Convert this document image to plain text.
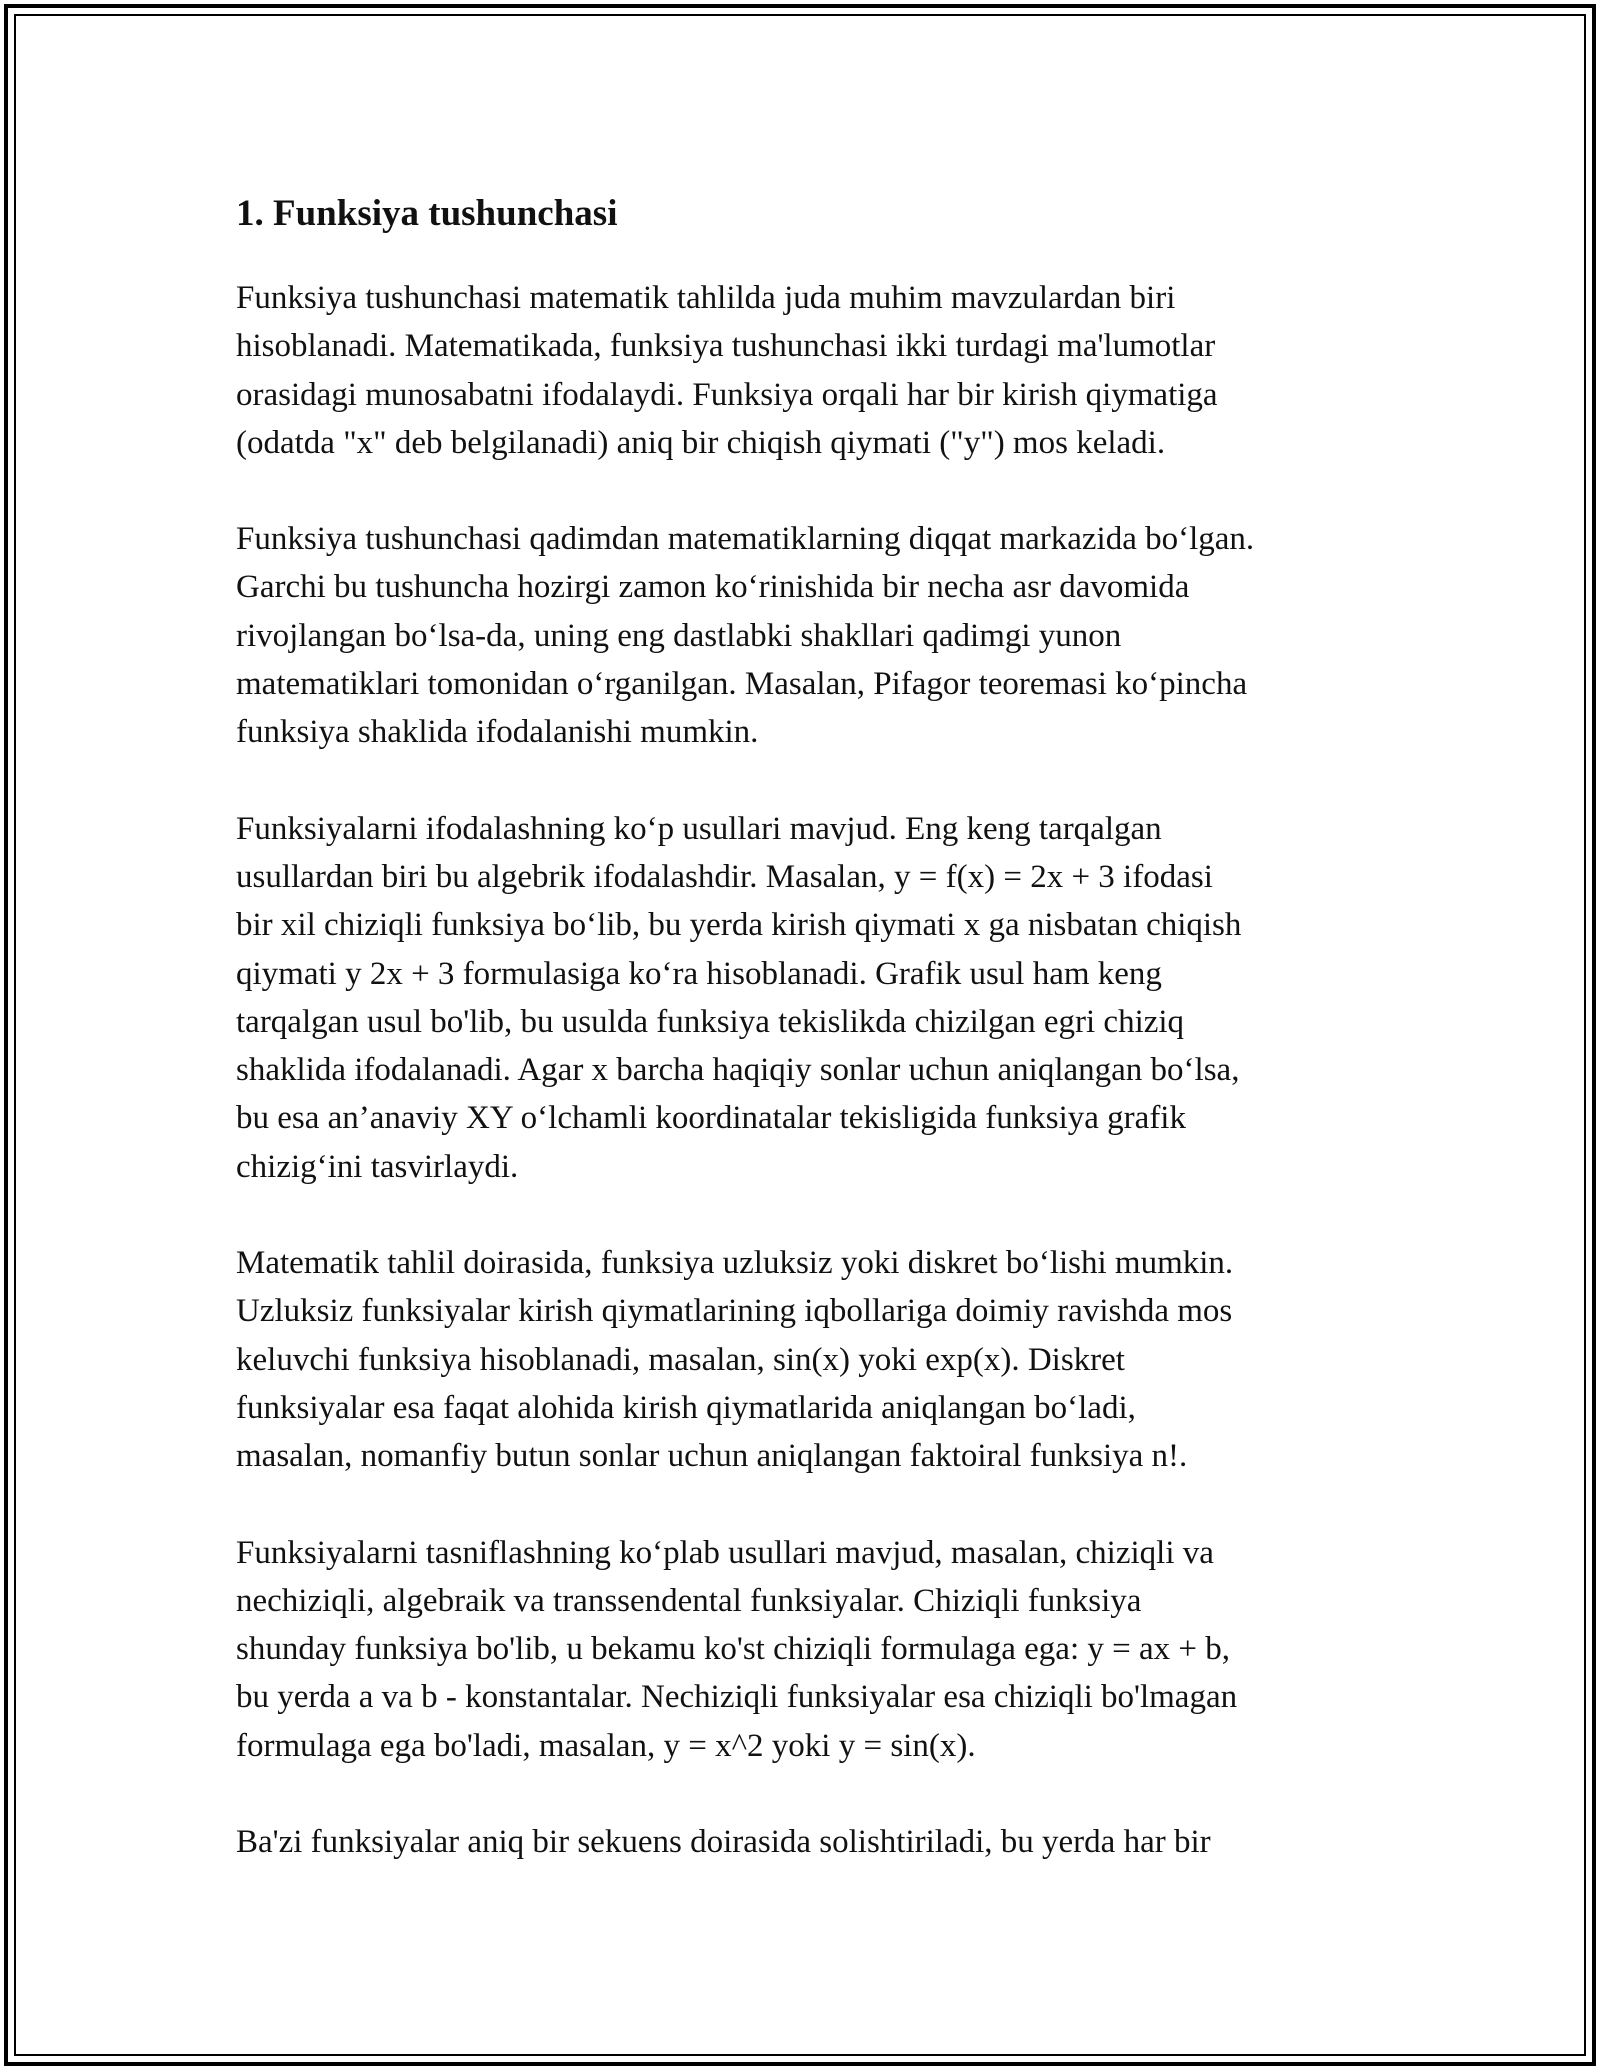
1. Funksiya tushunchasi

Funksiya tushunchasi matematik tahlilda juda muhim mavzulardan biri
hisoblanadi. Matematikada, funksiya tushunchasi ikki turdagi ma'lumotlar
orasidagi munosabatni ifodalaydi. Funksiya orqali har bir kirish qiymatiga
(odatda "x" deb belgilanadi) aniq bir chiqish qiymati ("y") mos keladi.

Funksiya tushunchasi qadimdan matematiklarning diqqat markazida bo‘lgan.
Garchi bu tushuncha hozirgi zamon ko‘rinishida bir necha asr davomida
rivojlangan bo‘lsa-da, uning eng dastlabki shakllari qadimgi yunon
matematiklari tomonidan o‘rganilgan. Masalan, Pifagor teoremasi ko‘pincha
funksiya shaklida ifodalanishi mumkin.

Funksiyalarni ifodalashning ko‘p usullari mavjud. Eng keng tarqalgan
usullardan biri bu algebrik ifodalashdir. Masalan, y = f(x) = 2x + 3 ifodasi
bir xil chiziqli funksiya bo‘lib, bu yerda kirish qiymati x ga nisbatan chiqish
qiymati y 2x + 3 formulasiga ko‘ra hisoblanadi. Grafik usul ham keng
tarqalgan usul bo'lib, bu usulda funksiya tekislikda chizilgan egri chiziq
shaklida ifodalanadi. Agar x barcha haqiqiy sonlar uchun aniqlangan bo‘lsa,
bu esa an’anaviy XY o‘lchamli koordinatalar tekisligida funksiya grafik
chizig‘ini tasvirlaydi.

Matematik tahlil doirasida, funksiya uzluksiz yoki diskret bo‘lishi mumkin.
Uzluksiz funksiyalar kirish qiymatlarining iqbollariga doimiy ravishda mos
keluvchi funksiya hisoblanadi, masalan, sin(x) yoki exp(x). Diskret
funksiyalar esa faqat alohida kirish qiymatlarida aniqlangan bo‘ladi,
masalan, nomanfiy butun sonlar uchun aniqlangan faktoiral funksiya n!.

Funksiyalarni tasniflashning ko‘plab usullari mavjud, masalan, chiziqli va
nechiziqli, algebraik va transsendental funksiyalar. Chiziqli funksiya
shunday funksiya bo'lib, u bekamu ko'st chiziqli formulaga ega: y = ax + b,
bu yerda a va b - konstantalar. Nechiziqli funksiyalar esa chiziqli bo'lmagan
formulaga ega bo'ladi, masalan, y = x^2 yoki y = sin(x).

Ba'zi funksiyalar aniq bir sekuens doirasida solishtiriladi, bu yerda har bir
